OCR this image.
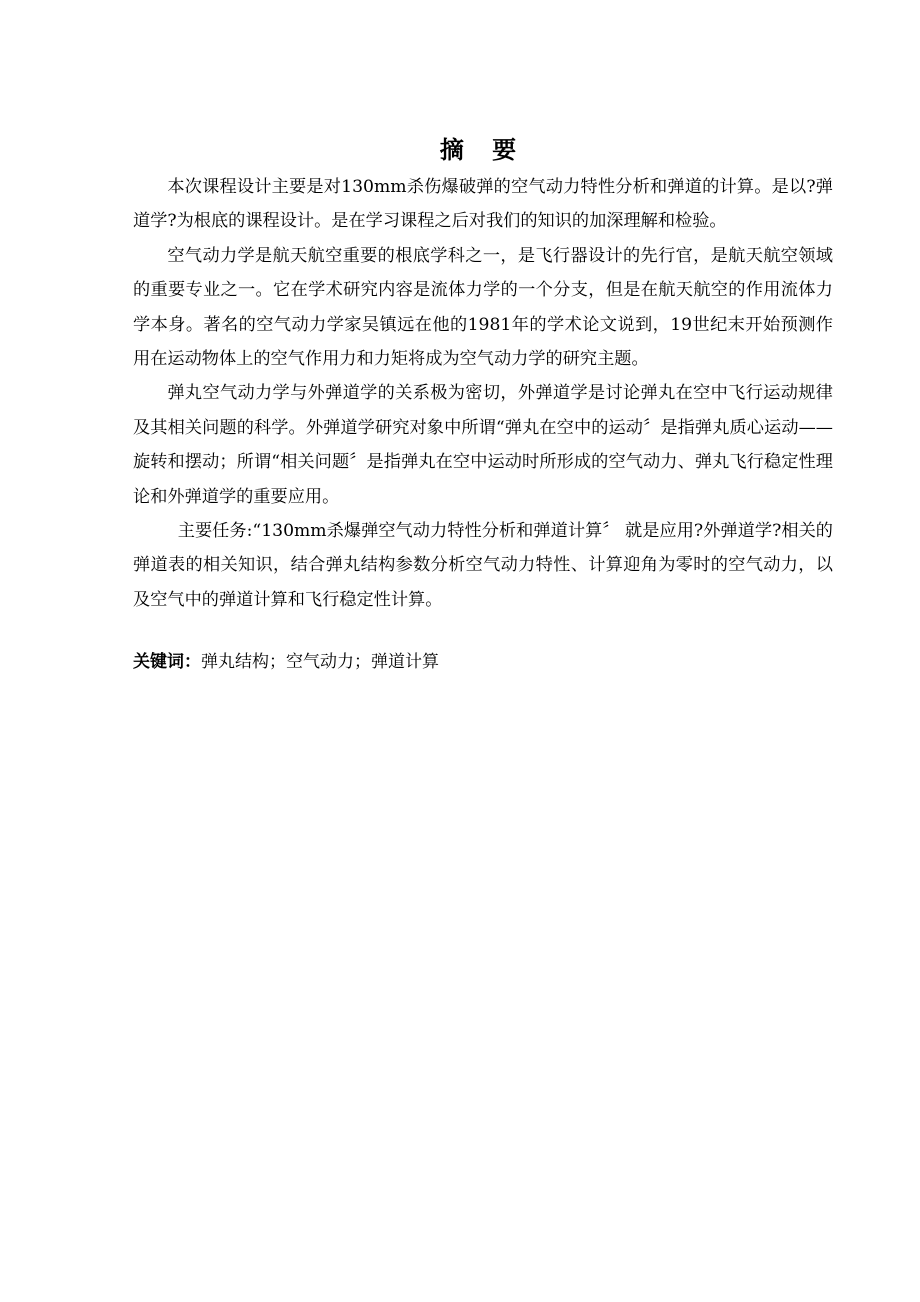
摘 要

本次课程设计主要是对130mm杀伤爆破弹的空气动力特性分析和弹道的计算。是以?弹道学?为根底的课程设计。是在学习课程之后对我们的知识的加深理解和检验。

空气动力学是航天航空重要的根底学科之一，是飞行器设计的先行官，是航天航空领域的重要专业之一。它在学术研究内容是流体力学的一个分支，但是在航天航空的作用流体力学本身。著名的空气动力学家吴镇远在他的1981年的学术论文说到，19世纪末开始预测作用在运动物体上的空气作用力和力矩将成为空气动力学的研究主题。

弹丸空气动力学与外弹道学的关系极为密切，外弹道学是讨论弹丸在空中飞行运动规律及其相关问题的科学。外弹道学研究对象中所谓“弹丸在空中的运动〞是指弹丸质心运动——旋转和摆动；所谓“相关问题〞是指弹丸在空中运动时所形成的空气动力、弹丸飞行稳定性理论和外弹道学的重要应用。

主要任务:“130mm杀爆弹空气动力特性分析和弹道计算〞 就是应用?外弹道学?相关的弹道表的相关知识，结合弹丸结构参数分析空气动力特性、计算迎角为零时的空气动力，以及空气中的弹道计算和飞行稳定性计算。

关键词：弹丸结构；空气动力；弹道计算
